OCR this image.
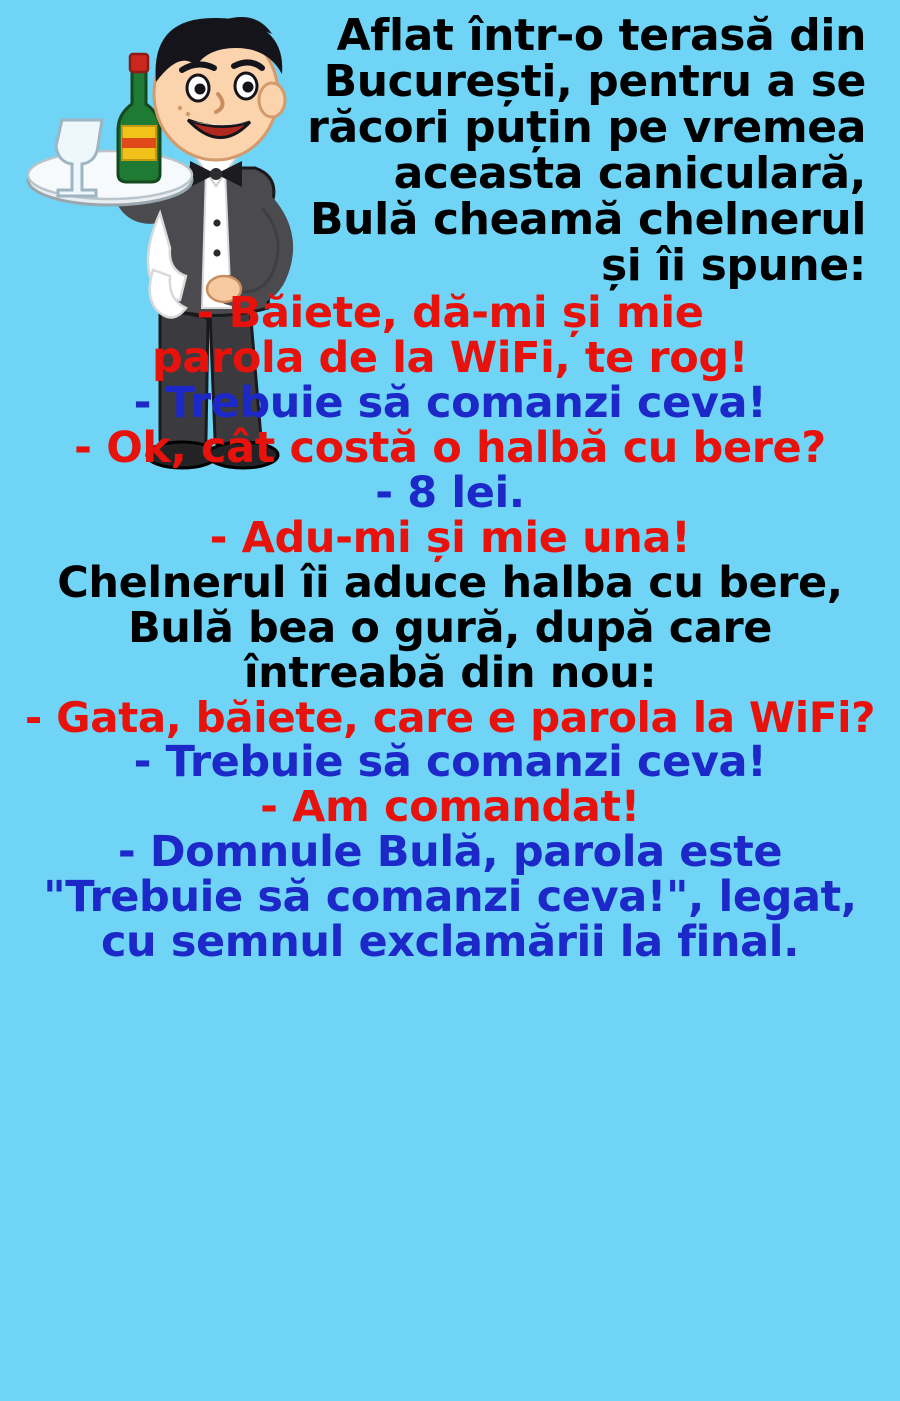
Aflat într-o terasă din
București, pentru a se
răcori puțin pe vremea
aceasta caniculară,
Bulă cheamă chelnerul
și îi spune:
- Băiete, dă-mi și mie
parola de la WiFi, te rog!
- Trebuie să comanzi ceva!
- Ok, cât costă o halbă cu bere?
- 8 lei.
- Adu-mi și mie una!
Chelnerul îi aduce halba cu bere,
Bulă bea o gură, după care
întreabă din nou:
- Gata, băiete, care e parola la WiFi?
- Trebuie să comanzi ceva!
- Am comandat!
- Domnule Bulă, parola este
"Trebuie să comanzi ceva!", legat,
cu semnul exclamării la final.
